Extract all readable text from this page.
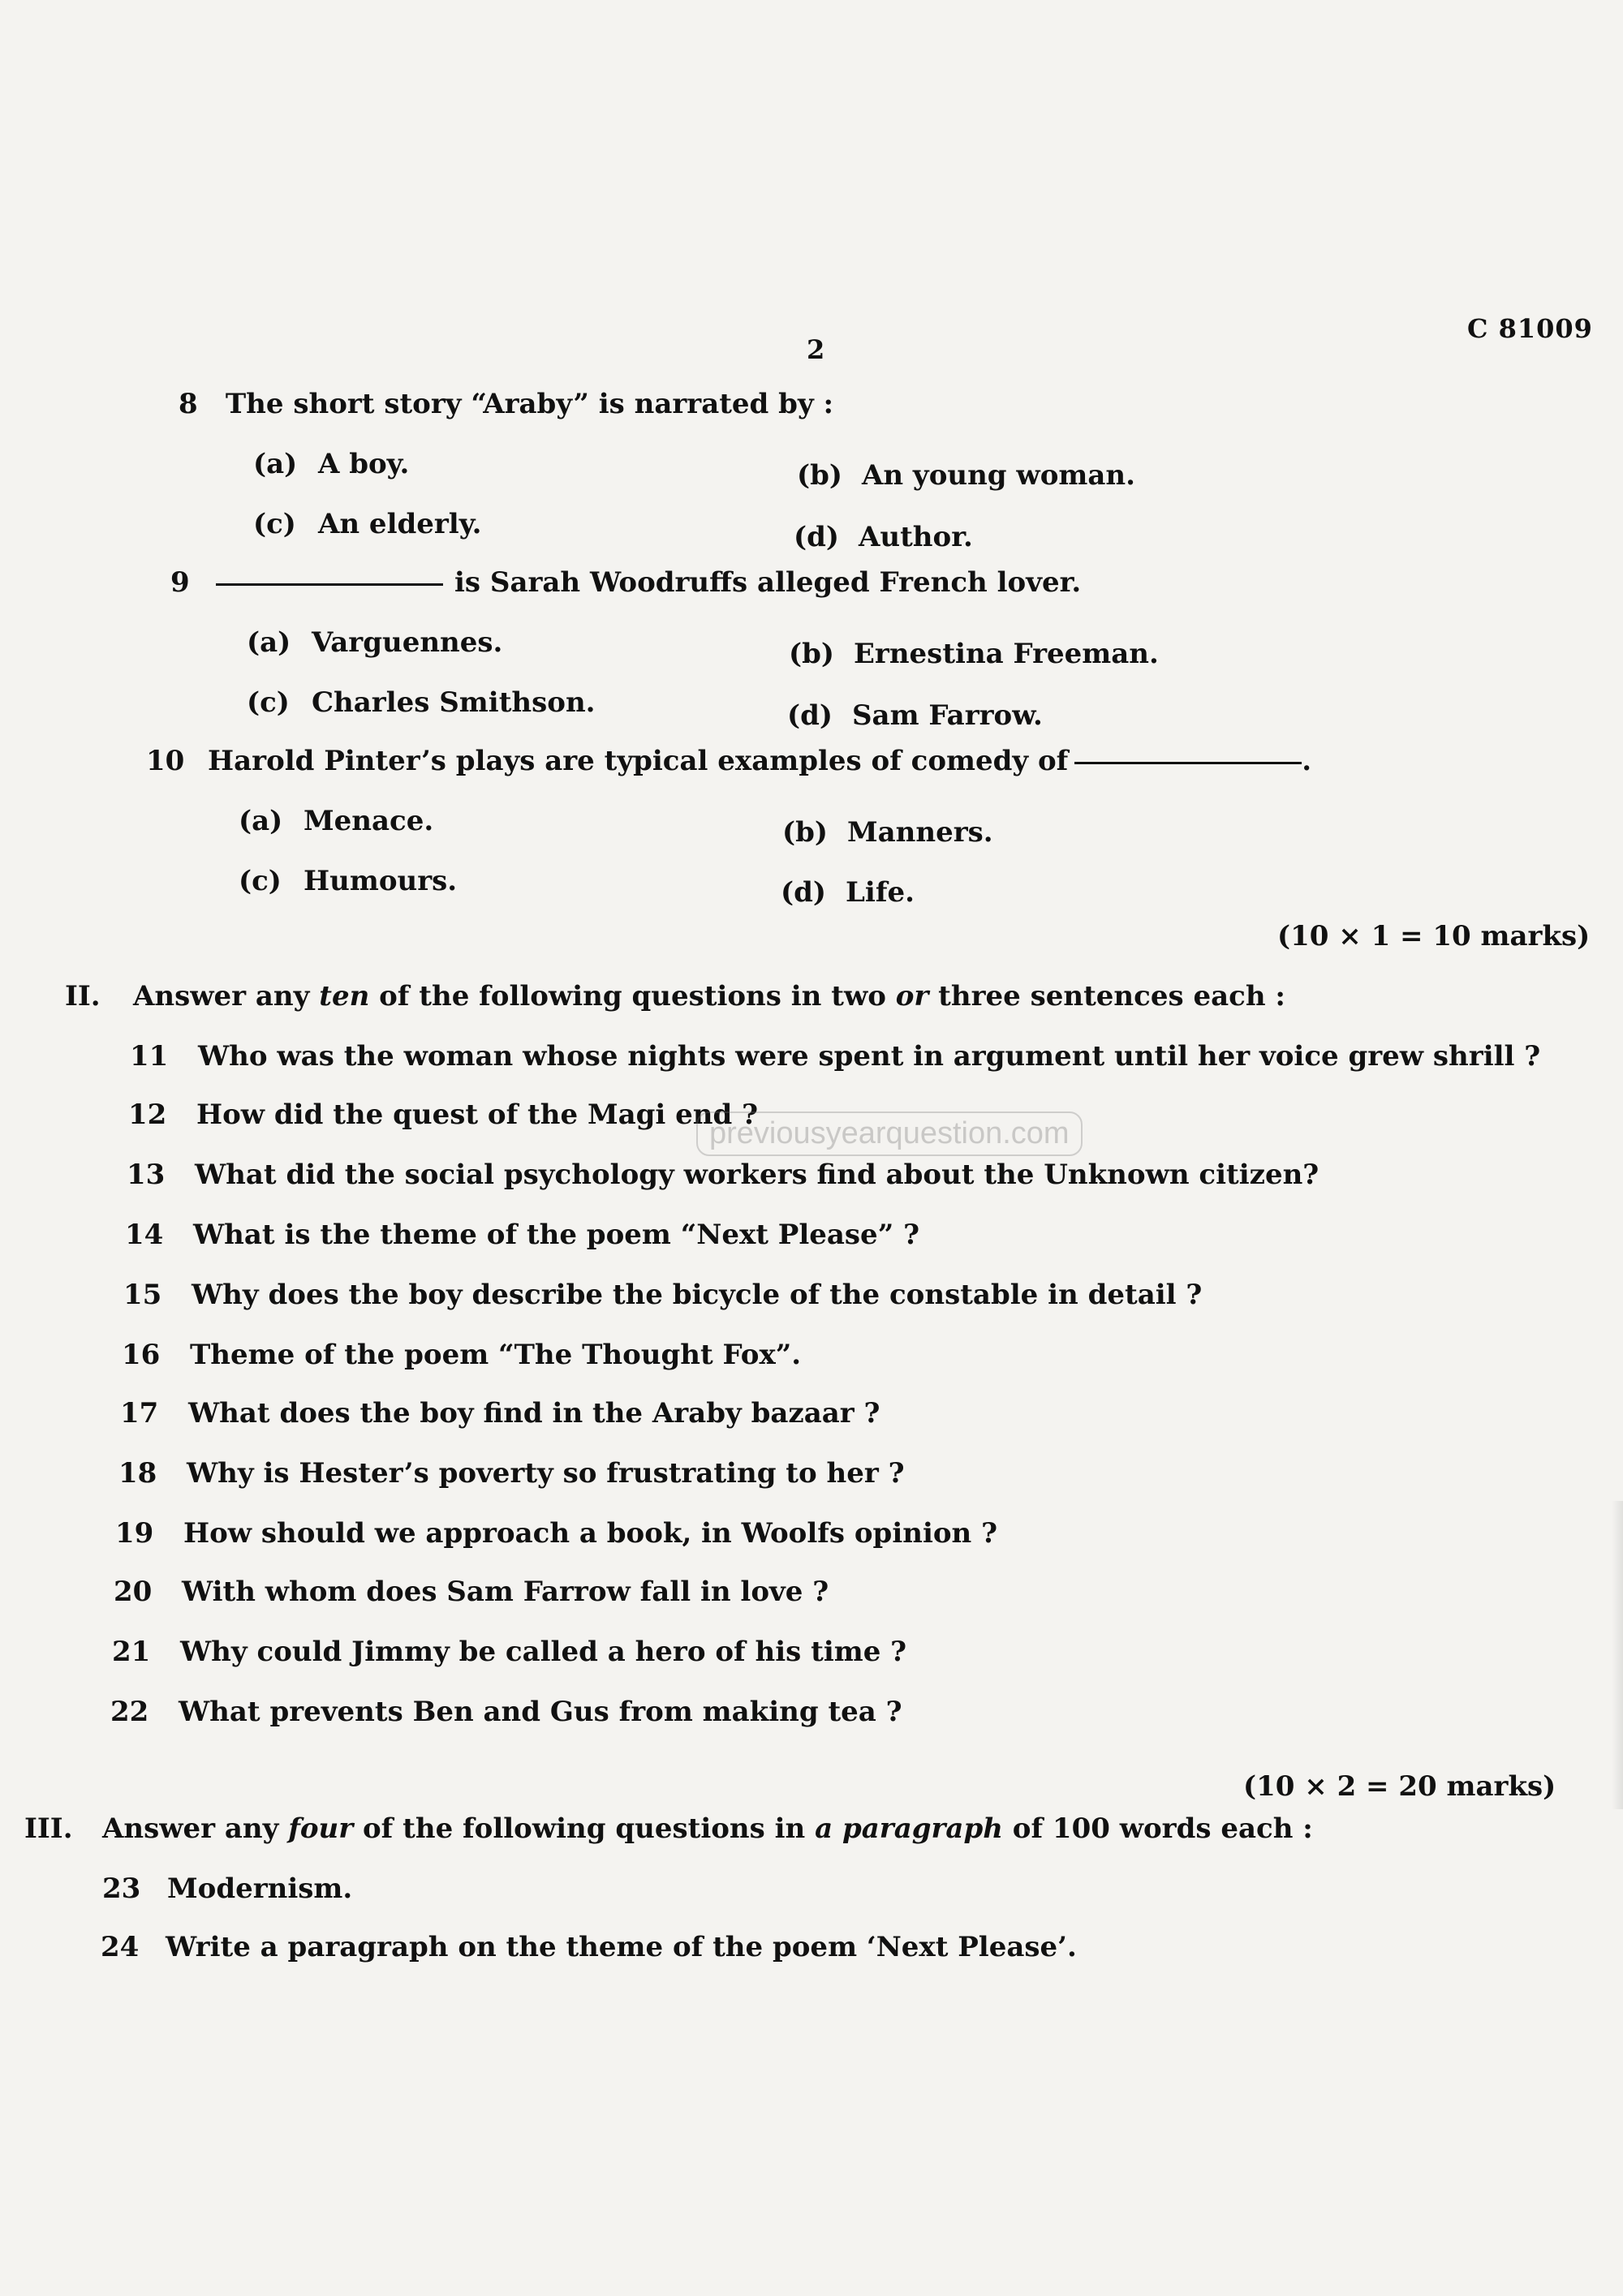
2
C 81009
8 The short story “Araby” is narrated by :
(a) A boy.	(b) An young woman.
(c) An elderly.	(d) Author.
9	is Sarah Woodruffs alleged French lover.
(a) Varguennes.	(b) Ernestina Freeman.
(c) Charles Smithson.	(d) Sam Farrow.
10 Harold Pinter’s plays are typical examples of comedy of	.
(a) Menace.	(b) Manners.
(c) Humours.	(d) Life.
(10 × 1 = 10 marks)
II. Answer any ten of the following questions in two or three sentences each :
11 Who was the woman whose nights were spent in argument until her voice grew shrill ?
12 How did the quest of the Magi end ?
13 What did the social psychology workers find about the Unknown citizen?
14 What is the theme of the poem “Next Please” ?
15 Why does the boy describe the bicycle of the constable in detail ?
16 Theme of the poem “The Thought Fox”.
17 What does the boy find in the Araby bazaar ?
18 Why is Hester’s poverty so frustrating to her ?
19 How should we approach a book, in Woolfs opinion ?
20 With whom does Sam Farrow fall in love ?
21 Why could Jimmy be called a hero of his time ?
22 What prevents Ben and Gus from making tea ?
(10 × 2 = 20 marks)
III. Answer any four of the following questions in a paragraph of 100 words each :
23 Modernism.
24 Write a paragraph on the theme of the poem ‘Next Please’.
previousyearquestion.com
